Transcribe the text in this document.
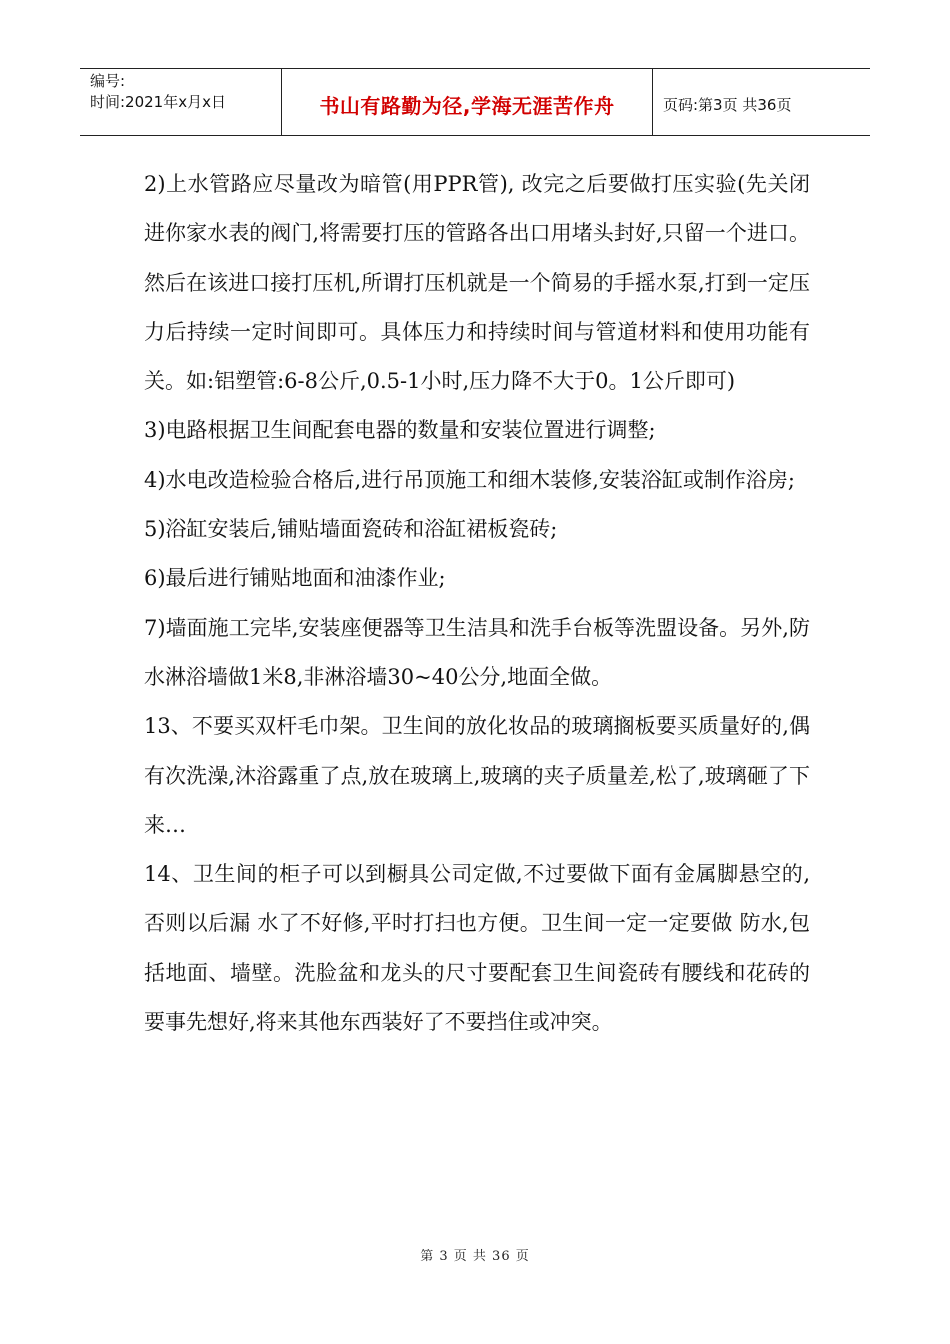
编号:
时间:2021年x月x日	书山有路勤为径,学海无涯苦作舟	页码:第3页 共36页

2)上水管路应尽量改为暗管(用PPR管), 改完之后要做打压实验(先关闭进你家水表的阀门,将需要打压的管路各出口用堵头封好,只留一个进口。然后在该进口接打压机,所谓打压机就是一个简易的手摇水泵,打到一定压力后持续一定时间即可。具体压力和持续时间与管道材料和使用功能有关。如:铝塑管:6-8公斤,0.5-1小时,压力降不大于0。1公斤即可)

3)电路根据卫生间配套电器的数量和安装位置进行调整;

4)水电改造检验合格后,进行吊顶施工和细木装修,安装浴缸或制作浴房;

5)浴缸安装后,铺贴墙面瓷砖和浴缸裙板瓷砖;

6)最后进行铺贴地面和油漆作业;

7)墙面施工完毕,安装座便器等卫生洁具和洗手台板等洗盟设备。另外,防水淋浴墙做1米8,非淋浴墙30~40公分,地面全做。

13、不要买双杆毛巾架。卫生间的放化妆品的玻璃搁板要买质量好的,偶有次洗澡,沐浴露重了点,放在玻璃上,玻璃的夹子质量差,松了,玻璃砸了下来…

14、卫生间的柜子可以到橱具公司定做,不过要做下面有金属脚悬空的,否则以后漏 水了不好修,平时打扫也方便。卫生间一定一定要做 防水,包括地面、墙壁。洗脸盆和龙头的尺寸要配套卫生间瓷砖有腰线和花砖的要事先想好,将来其他东西装好了不要挡住或冲突。

第 3 页 共 36 页
